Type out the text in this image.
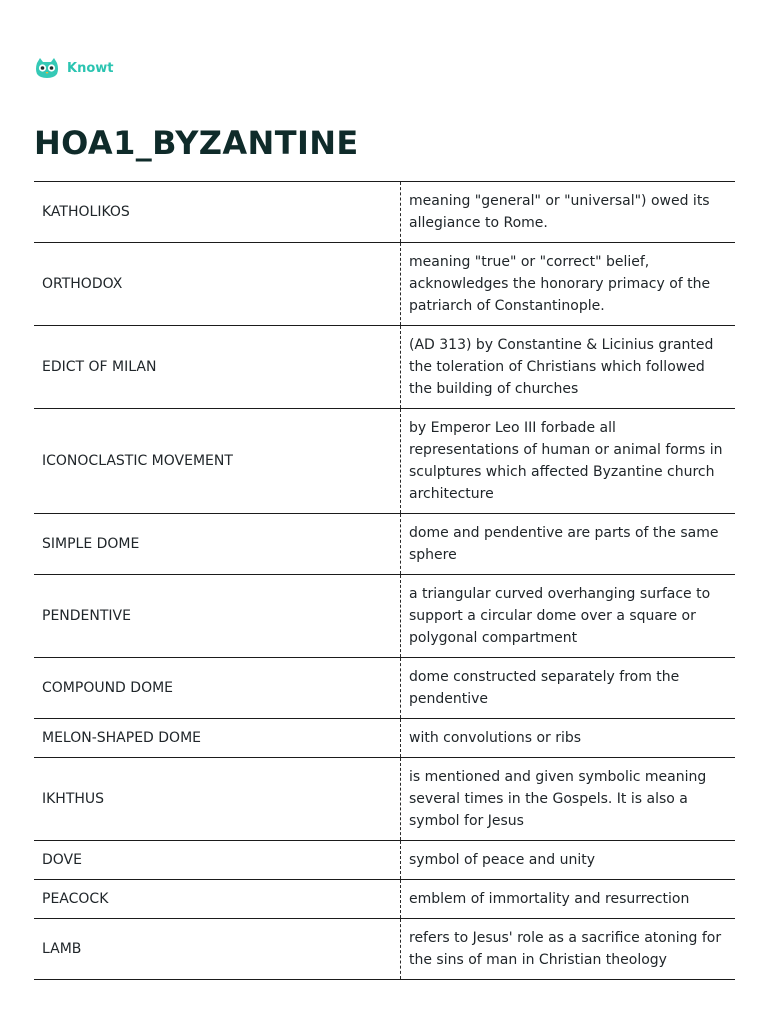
Knowt
HOA1_BYZANTINE
KATHOLIKOS	meaning "general" or "universal") owed its allegiance to Rome.
ORTHODOX	meaning "true" or "correct" belief, acknowledges the honorary primacy of the patriarch of Constantinople.
EDICT OF MILAN	(AD 313) by Constantine & Licinius granted the toleration of Christians which followed the building of churches
ICONOCLASTIC MOVEMENT	by Emperor Leo III forbade all representations of human or animal forms in sculptures which affected Byzantine church architecture
SIMPLE DOME	dome and pendentive are parts of the same sphere
PENDENTIVE	a triangular curved overhanging surface to support a circular dome over a square or polygonal compartment
COMPOUND DOME	dome constructed separately from the pendentive
MELON-SHAPED DOME	with convolutions or ribs
IKHTHUS	is mentioned and given symbolic meaning several times in the Gospels. It is also a symbol for Jesus
DOVE	symbol of peace and unity
PEACOCK	emblem of immortality and resurrection
LAMB	refers to Jesus' role as a sacrifice atoning for the sins of man in Christian theology
